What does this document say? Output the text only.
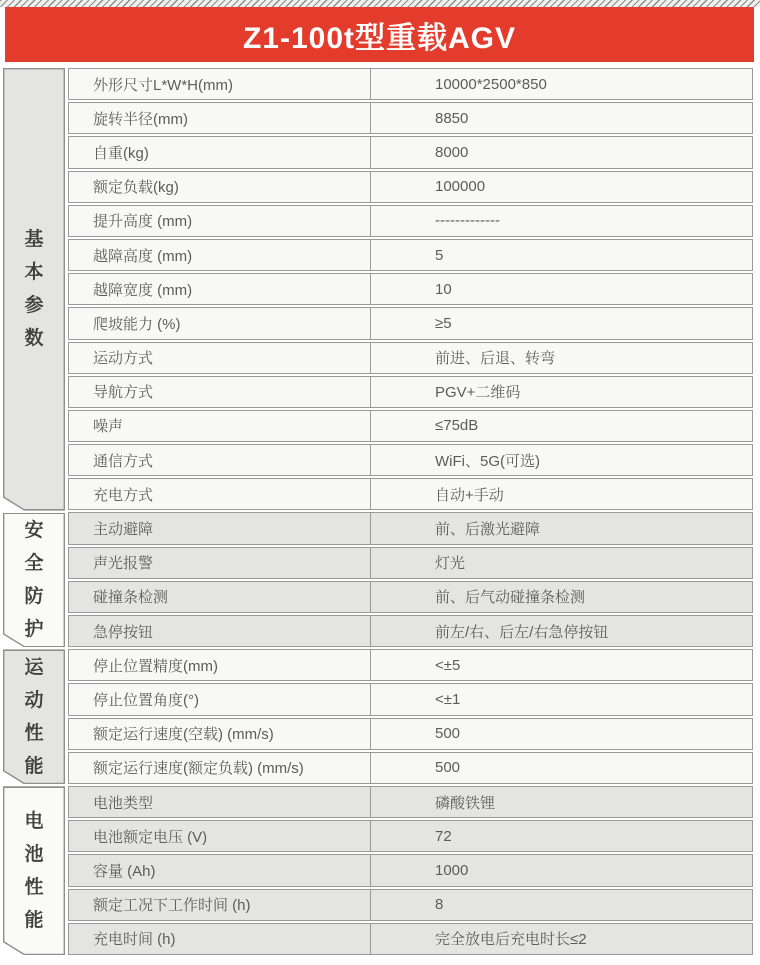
Z1-100t型重载AGV
基
本
参
数
安
全
防
护
运
动
性
能
电
池
性
能
外形尺寸L*W*H(mm)	10000*2500*850
旋转半径(mm)	8850
自重(kg)	8000
额定负载(kg)	100000
提升高度 (mm)	-------------
越障高度 (mm)	5
越障宽度 (mm)	10
爬坡能力 (%)	≥5
运动方式	前进、后退、转弯
导航方式	PGV+二维码
噪声	≤75dB
通信方式	WiFi、5G(可选)
充电方式	自动+手动
主动避障	前、后激光避障
声光报警	灯光
碰撞条检测	前、后气动碰撞条检测
急停按钮	前左/右、后左/右急停按钮
停止位置精度(mm)	<±5
停止位置角度(°)	<±1
额定运行速度(空载) (mm/s)	500
额定运行速度(额定负载) (mm/s)	500
电池类型	磷酸铁锂
电池额定电压 (V)	72
容量 (Ah)	1000
额定工况下工作时间 (h)	8
充电时间 (h)	完全放电后充电时长≤2
